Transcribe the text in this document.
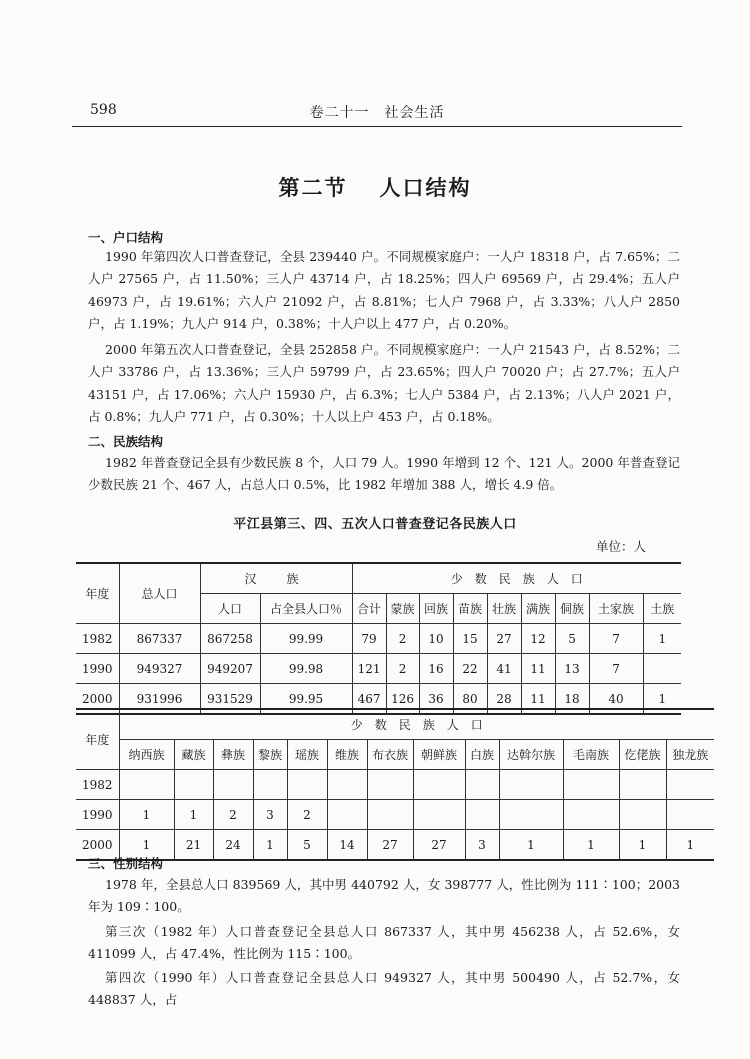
598	卷二十一　社会生活
第二节 人口结构
一、户口结构
1990 年第四次人口普查登记，全县 239440 户。不同规模家庭户：一人户 18318 户，占 7.65%；二人户 27565 户，占 11.50%；三人户 43714 户，占 18.25%；四人户 69569 户，占 29.4%；五人户 46973 户，占 19.61%；六人户 21092 户，占 8.81%；七人户 7968 户，占 3.33%；八人户 2850 户，占 1.19%；九人户 914 户，0.38%；十人户以上 477 户，占 0.20%。
2000 年第五次人口普查登记，全县 252858 户。不同规模家庭户：一人户 21543 户，占 8.52%；二人户 33786 户，占 13.36%；三人户 59799 户，占 23.65%；四人户 70020 户；占 27.7%；五人户 43151 户，占 17.06%；六人户 15930 户，占 6.3%；七人户 5384 户，占 2.13%；八人户 2021 户，占 0.8%；九人户 771 户，占 0.30%；十人以上户 453 户，占 0.18%。
二、民族结构
1982 年普查登记全县有少数民族 8 个，人口 79 人。1990 年增到 12 个、121 人。2000 年普查登记少数民族 21 个、467 人，占总人口 0.5%，比 1982 年增加 388 人，增长 4.9 倍。
平江县第三、四、五次人口普查登记各民族人口
单位：人
年度	总人口	汉　族		少　数　民　族　人　口								
		人口	占全县人口％	合计	蒙族	回族	苗族	壮族	满族	侗族	土家族	土族
1982	867337	867258	99.99	79	2	10	15	27	12	5	7	1
1990	949327	949207	99.98	121	2	16	22	41	11	13	7	
2000	931996	931529	99.95	467	126	36	80	28	11	18	40	1
年度	少　数　民　族　人　口												
	纳西族	藏族	彝族	黎族	瑶族	维族	布衣族	朝鲜族	白族	达斡尔族	毛南族	仡佬族	独龙族
1982													
1990	1	1	2	3	2								
2000	1	21	24	1	5	14	27	27	3	1	1	1	1
三、性别结构
1978 年，全县总人口 839569 人，其中男 440792 人，女 398777 人，性比例为 111∶100；2003 年为 109∶100。
第三次（1982 年）人口普查登记全县总人口 867337 人，其中男 456238 人，占 52.6%，女 411099 人，占 47.4%，性比例为 115∶100。
第四次（1990 年）人口普查登记全县总人口 949327 人，其中男 500490 人，占 52.7%，女 448837 人，占
